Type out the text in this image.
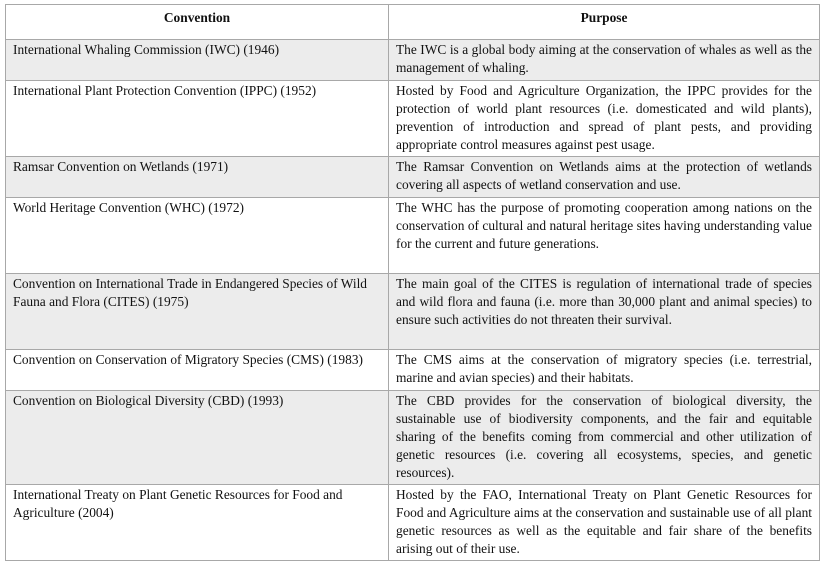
Convention	Purpose
International Whaling Commission (IWC) (1946)	The IWC is a global body aiming at the conservation of whales as well as the management of whaling.
International Plant Protection Convention (IPPC) (1952)	Hosted by Food and Agriculture Organization, the IPPC provides for the protection of world plant resources (i.e. domesticated and wild plants), prevention of introduction and spread of plant pests, and providing appropriate control measures against pest usage.
Ramsar Convention on Wetlands (1971)	The Ramsar Convention on Wetlands aims at the protection of wetlands covering all aspects of wetland conservation and use.
World Heritage Convention (WHC) (1972)	The WHC has the purpose of promoting cooperation among nations on the conservation of cultural and natural heritage sites having understanding value for the current and future generations.
Convention on International Trade in Endangered Species of Wild Fauna and Flora (CITES) (1975)	The main goal of the CITES is regulation of international trade of species and wild flora and fauna (i.e. more than 30,000 plant and animal species) to ensure such activities do not threaten their survival.
Convention on Conservation of Migratory Species (CMS) (1983)	The CMS aims at the conservation of migratory species (i.e. terrestrial, marine and avian species) and their habitats.
Convention on Biological Diversity (CBD) (1993)	The CBD provides for the conservation of biological diversity, the sustainable use of biodiversity components, and the fair and equitable sharing of the benefits coming from commercial and other utilization of genetic resources (i.e. covering all ecosystems, species, and genetic resources).
International Treaty on Plant Genetic Resources for Food and Agriculture (2004)	Hosted by the FAO, International Treaty on Plant Genetic Resources for Food and Agriculture aims at the conservation and sustainable use of all plant genetic resources as well as the equitable and fair share of the benefits arising out of their use.
